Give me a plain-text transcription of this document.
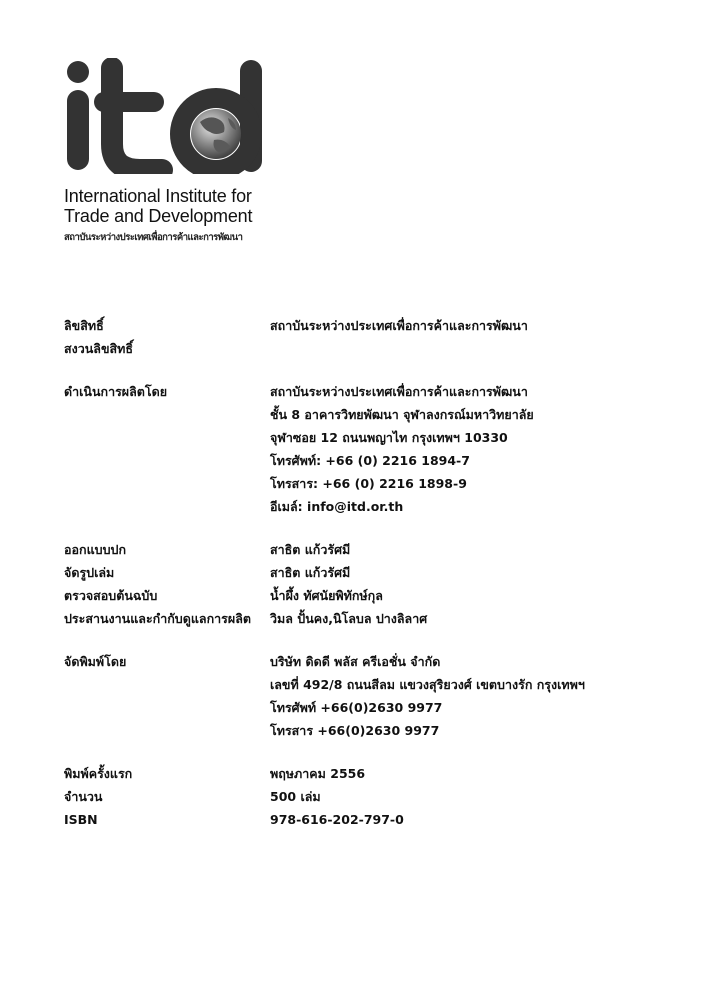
International Institute for
Trade and Development
สถาบันระหว่างประเทศเพื่อการค้าและการพัฒนา
ลิขสิทธิ์	สถาบันระหว่างประเทศเพื่อการค้าและการพัฒนา
สงวนลิขสิทธิ์
ดำเนินการผลิตโดย	สถาบันระหว่างประเทศเพื่อการค้าและการพัฒนา
ชั้น 8 อาคารวิทยพัฒนา จุฬาลงกรณ์มหาวิทยาลัย
จุฬาซอย 12 ถนนพญาไท กรุงเทพฯ 10330
โทรศัพท์: +66 (0) 2216 1894-7
โทรสาร: +66 (0) 2216 1898-9
อีเมล์: info@itd.or.th
ออกแบบปก	สาธิต แก้วรัศมี
จัดรูปเล่ม	สาธิต แก้วรัศมี
ตรวจสอบต้นฉบับ	น้ำผึ้ง ทัศนัยพิทักษ์กุล
ประสานงานและกำกับดูแลการผลิต	วิมล ปั้นคง,นิโลบล ปางลิลาศ
จัดพิมพ์โดย	บริษัท ดิดดี พลัส ครีเอชั่น จำกัด
เลขที่ 492/8 ถนนสีลม แขวงสุริยวงศ์ เขตบางรัก กรุงเทพฯ
โทรศัพท์ +66(0)2630 9977
โทรสาร +66(0)2630 9977
พิมพ์ครั้งแรก	พฤษภาคม 2556
จำนวน	500 เล่ม
ISBN	978-616-202-797-0
